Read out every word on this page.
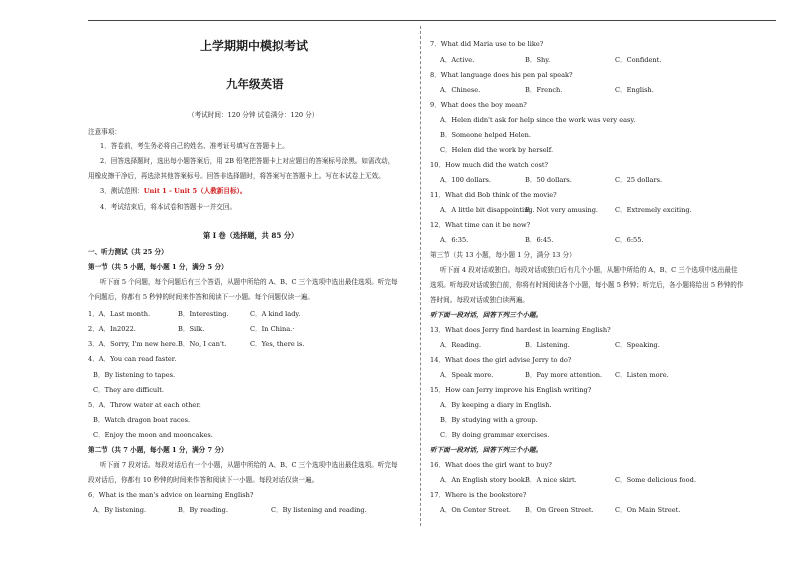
上学期期中模拟考试
九年级英语
（考试时间：120 分钟 试卷满分：120 分）
注意事项：
1．答卷前，考生务必将自己的姓名、准考证号填写在答题卡上。
2．回答选择题时，选出每小题答案后，用 2B 铅笔把答题卡上对应题目的答案标号涂黑。如需改动，
用橡皮擦干净后，再选涂其他答案标号。回答非选择题时，将答案写在答题卡上。写在本试卷上无效。
3．测试范围：Unit 1 - Unit 5（人教新目标）。
4．考试结束后，将本试卷和答题卡一并交回。
第 I 卷（选择题，共 85 分）
一、听力测试（共 25 分）
第一节（共 5 小题，每小题 1 分，满分 5 分）
听下面 5 个问题，每个问题后有三个答语，从题中所给的 A、B、C 三个选项中选出最佳选项。听完每
个问题后，你都有 5 秒钟的时间来作答和阅读下一小题。每个问题仅读一遍。
1．A．Last month.	B．Interesting.	C．A kind lady.
2．A．In2022.	B．Silk.	C．In China.·
3．A．Sorry, I'm new here. B．No, I can't.	C．Yes, there is.
4．A．You can read faster.
B．By listening to tapes.
C．They are difficult.
5．A．Throw water at each other.
B．Watch dragon boat races.
C．Enjoy the moon and mooncakes.
第二节（共 7 小题，每小题 1 分，满分 7 分）
听下面 7 段对话。每段对话后有一个小题，从题中所给的 A、B、C 三个选项中选出最佳选项。听完每
段对话后，你都有 10 秒钟的时间来作答和阅读下一小题。每段对话仅读一遍。
6．What is the man's advice on learning English?
A．By listening.	B．By reading.	C．By listening and reading.
7．What did Maria use to be like?
A．Active.	B．Shy.	C．Confident.
8．What language does his pen pal speak?
A．Chinese.	B．French.	C．English.
9．What does the boy mean?
A．Helen didn't ask for help since the work was very easy.
B．Someone helped Helen.
C．Helen did the work by herself.
10．How much did the watch cost?
A．100 dollars.	B．50 dollars.	C．25 dollars.
11．What did Bob think of the movie?
A．A little bit disappointing.
B．Not very amusing.	C．Extremely exciting.
12．What time can it be now?
A．6:35.	B．6:45.	C．6:55.
第三节（共 13 小题，每小题 1 分，满分 13 分）
听下面 4 段对话或独白。每段对话或独白后有几个小题，从题中所给的 A、B、C 三个选项中选出最佳
选项。听每段对话或独白前，你将有时间阅读各个小题，每小题 5 秒钟；听完后，各小题将给出 5 秒钟的作
答时间。每段对话或独白读两遍。
听下面一段对话，回答下列三个小题。
13．What does Jerry find hardest in learning English?
A．Reading.	B．Listening.	C．Speaking.
14．What does the girl advise Jerry to do?
A．Speak more.	B．Pay more attention. C．Listen more.
15．How can Jerry improve his English writing?
A．By keeping a diary in English.
B．By studying with a group.
C．By doing grammar exercises.
听下面一段对话，回答下列三个小题。
16．What does the girl want to buy?
A．An English story book.
B．A nice skirt.	C．Some delicious food.
17．Where is the bookstore?
A．On Center Street. B．On Green Street.	C．On Main Street.
